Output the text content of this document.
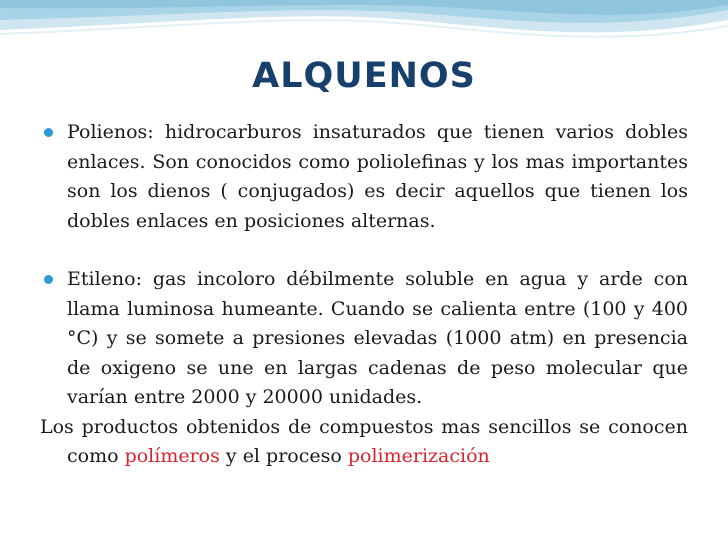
ALQUENOS

Polienos: hidrocarburos insaturados que tienen varios dobles enlaces. Son conocidos como poliolefinas y los mas importantes son los dienos ( conjugados) es decir aquellos que tienen los dobles enlaces en posiciones alternas.

Etileno: gas incoloro débilmente soluble en agua y arde con llama luminosa humeante. Cuando se calienta entre (100 y 400 °C) y se somete a presiones elevadas (1000 atm) en presencia de oxigeno se une en largas cadenas de peso molecular que varían entre 2000 y 20000 unidades.

Los productos obtenidos de compuestos mas sencillos se conocen como polímeros y el proceso polimerización
